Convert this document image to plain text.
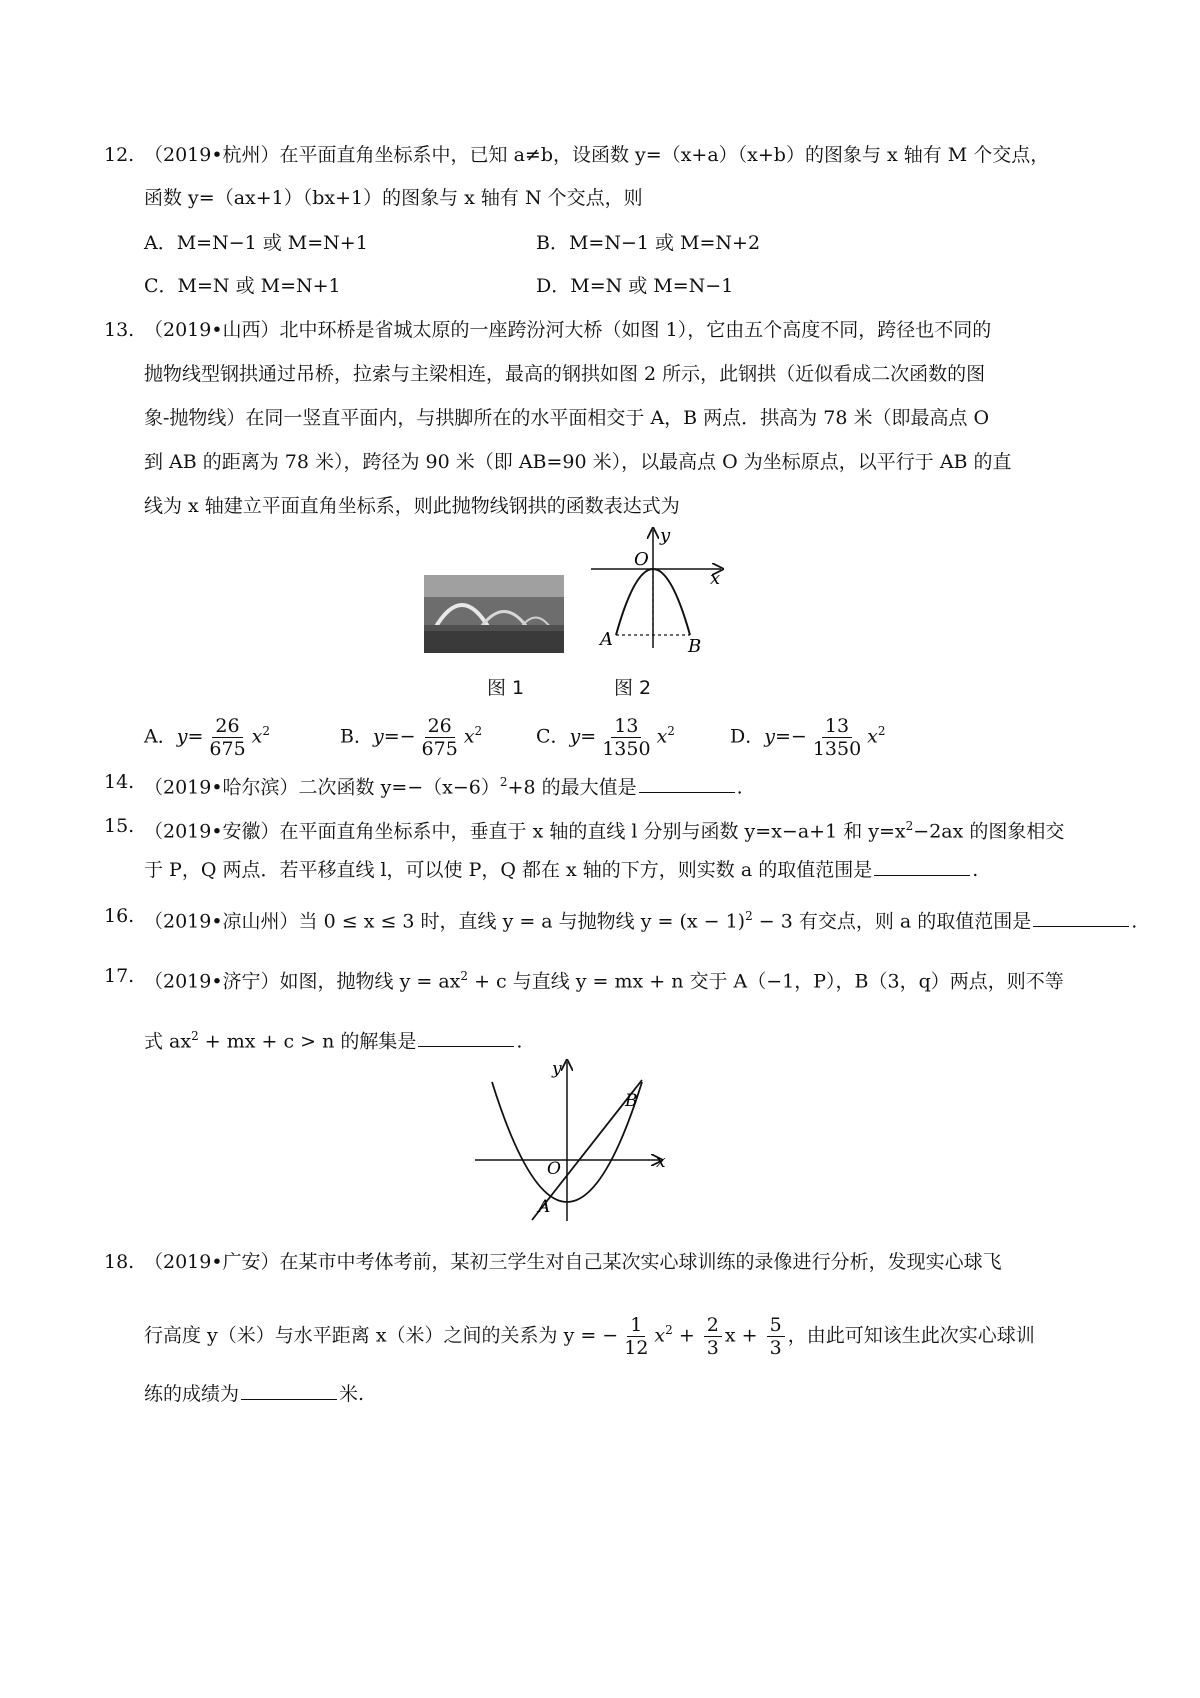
12. （2019•杭州）在平面直角坐标系中，已知 a≠b，设函数 y=（x+a）（x+b）的图象与 x 轴有 M 个交点，
函数 y=（ax+1）（bx+1）的图象与 x 轴有 N 个交点，则
A．M=N−1 或 M=N+1	B．M=N−1 或 M=N+2
C．M=N 或 M=N+1	D．M=N 或 M=N−1
13. （2019•山西）北中环桥是省城太原的一座跨汾河大桥（如图 1），它由五个高度不同，跨径也不同的
抛物线型钢拱通过吊桥，拉索与主梁相连，最高的钢拱如图 2 所示，此钢拱（近似看成二次函数的图
象-抛物线）在同一竖直平面内，与拱脚所在的水平面相交于 A，B 两点．拱高为 78 米（即最高点 O
到 AB 的距离为 78 米），跨径为 90 米（即 AB=90 米），以最高点 O 为坐标原点，以平行于 AB 的直
线为 x 轴建立平面直角坐标系，则此抛物线钢拱的函数表达式为
O
x
y
A	B
图 1	图 2
A．$y= \frac{26}{675} x^2$	B．$y=- \frac{26}{675} x^2$	C．$y= \frac{13}{1350} x^2$	D．$y=- \frac{13}{1350} x^2$
14. （2019•哈尔滨）二次函数 $y=-(x-6)^2+8$ 的最大值是	.
15. （2019•安徽）在平面直角坐标系中，垂直于 x 轴的直线 l 分别与函数 y=x−a+1 和 $y=x^2-2ax$ 的图象相交
于 P，Q 两点．若平移直线 l，可以使 P，Q 都在 x 轴的下方，则实数 a 的取值范围是	.
16. （2019•凉山州）当 0 ≤ x ≤ 3 时，直线 y = a 与抛物线 $y = (x - 1)^2 - 3$ 有交点，则 a 的取值范围是	.
17. （2019•济宁）如图，抛物线 $y = ax^2 + c$ 与直线 y = mx + n 交于 A（−1，P），B（3，q）两点，则不等
式 $ax^2$ + mx + c > n 的解集是	.
O	x
y
A
B
18. （2019•广安）在某市中考体考前，某初三学生对自己某次实心球训练的录像进行分析，发现实心球飞
行高度 y（米）与水平距离 x（米）之间的关系为 y = − $\frac{1}{12} x^2 + \frac{2}{3}$ $x + \frac{5}{3}$ ，由此可知该生此次实心球训
练的成绩为	米.
